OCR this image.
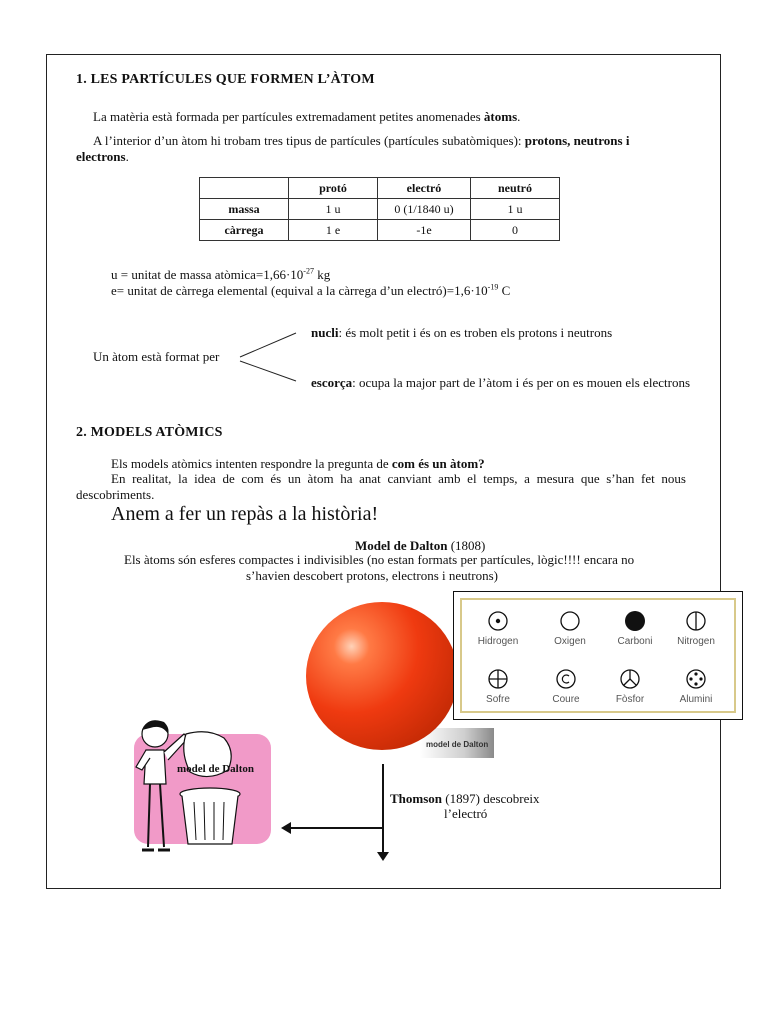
1. LES PARTÍCULES QUE FORMEN L’ÀTOM

La matèria està formada per partícules extremadament petites anomenades àtoms.

A l’interior d’un àtom hi trobam tres tipus de partícules (partícules subatòmiques): protons, neutrons i

electrons.

	protó	electró	neutró
massa	1 u	0 (1/1840 u)	1 u
càrrega	1 e	-1e	0

u = unitat de massa $atòmica=1,66\cdot 10^{-27}$ kg

e= unitat de càrrega elemental (equival a la càrrega d’un $electró)=1,6\cdot 10^{-19}$ C

Un àtom està format per

nucli: és molt petit i és on es troben els protons i neutrons

escorça: ocupa la major part de l’àtom i és per on es mouen els electrons

2. MODELS ATÒMICS

Els models atòmics intenten respondre la pregunta de com és un àtom?

En realitat, la idea de com és un àtom ha anat canviant amb el temps, a mesura que s’han fet nous descobriments.

Anem a fer un repàs a la història!

Model de Dalton (1808)

Els àtoms són esferes compactes i indivisibles (no estan formats per partícules, lògic!!!! encara no

s’havien descobert protons, electrons i neutrons)

model de Dalton
Hidrogen	Oxigen	Carboni	Nitrogen
Sofre	Coure	Fòsfor	Alumini
model de Dalton

Thomson (1897) descobreix

l’electró
